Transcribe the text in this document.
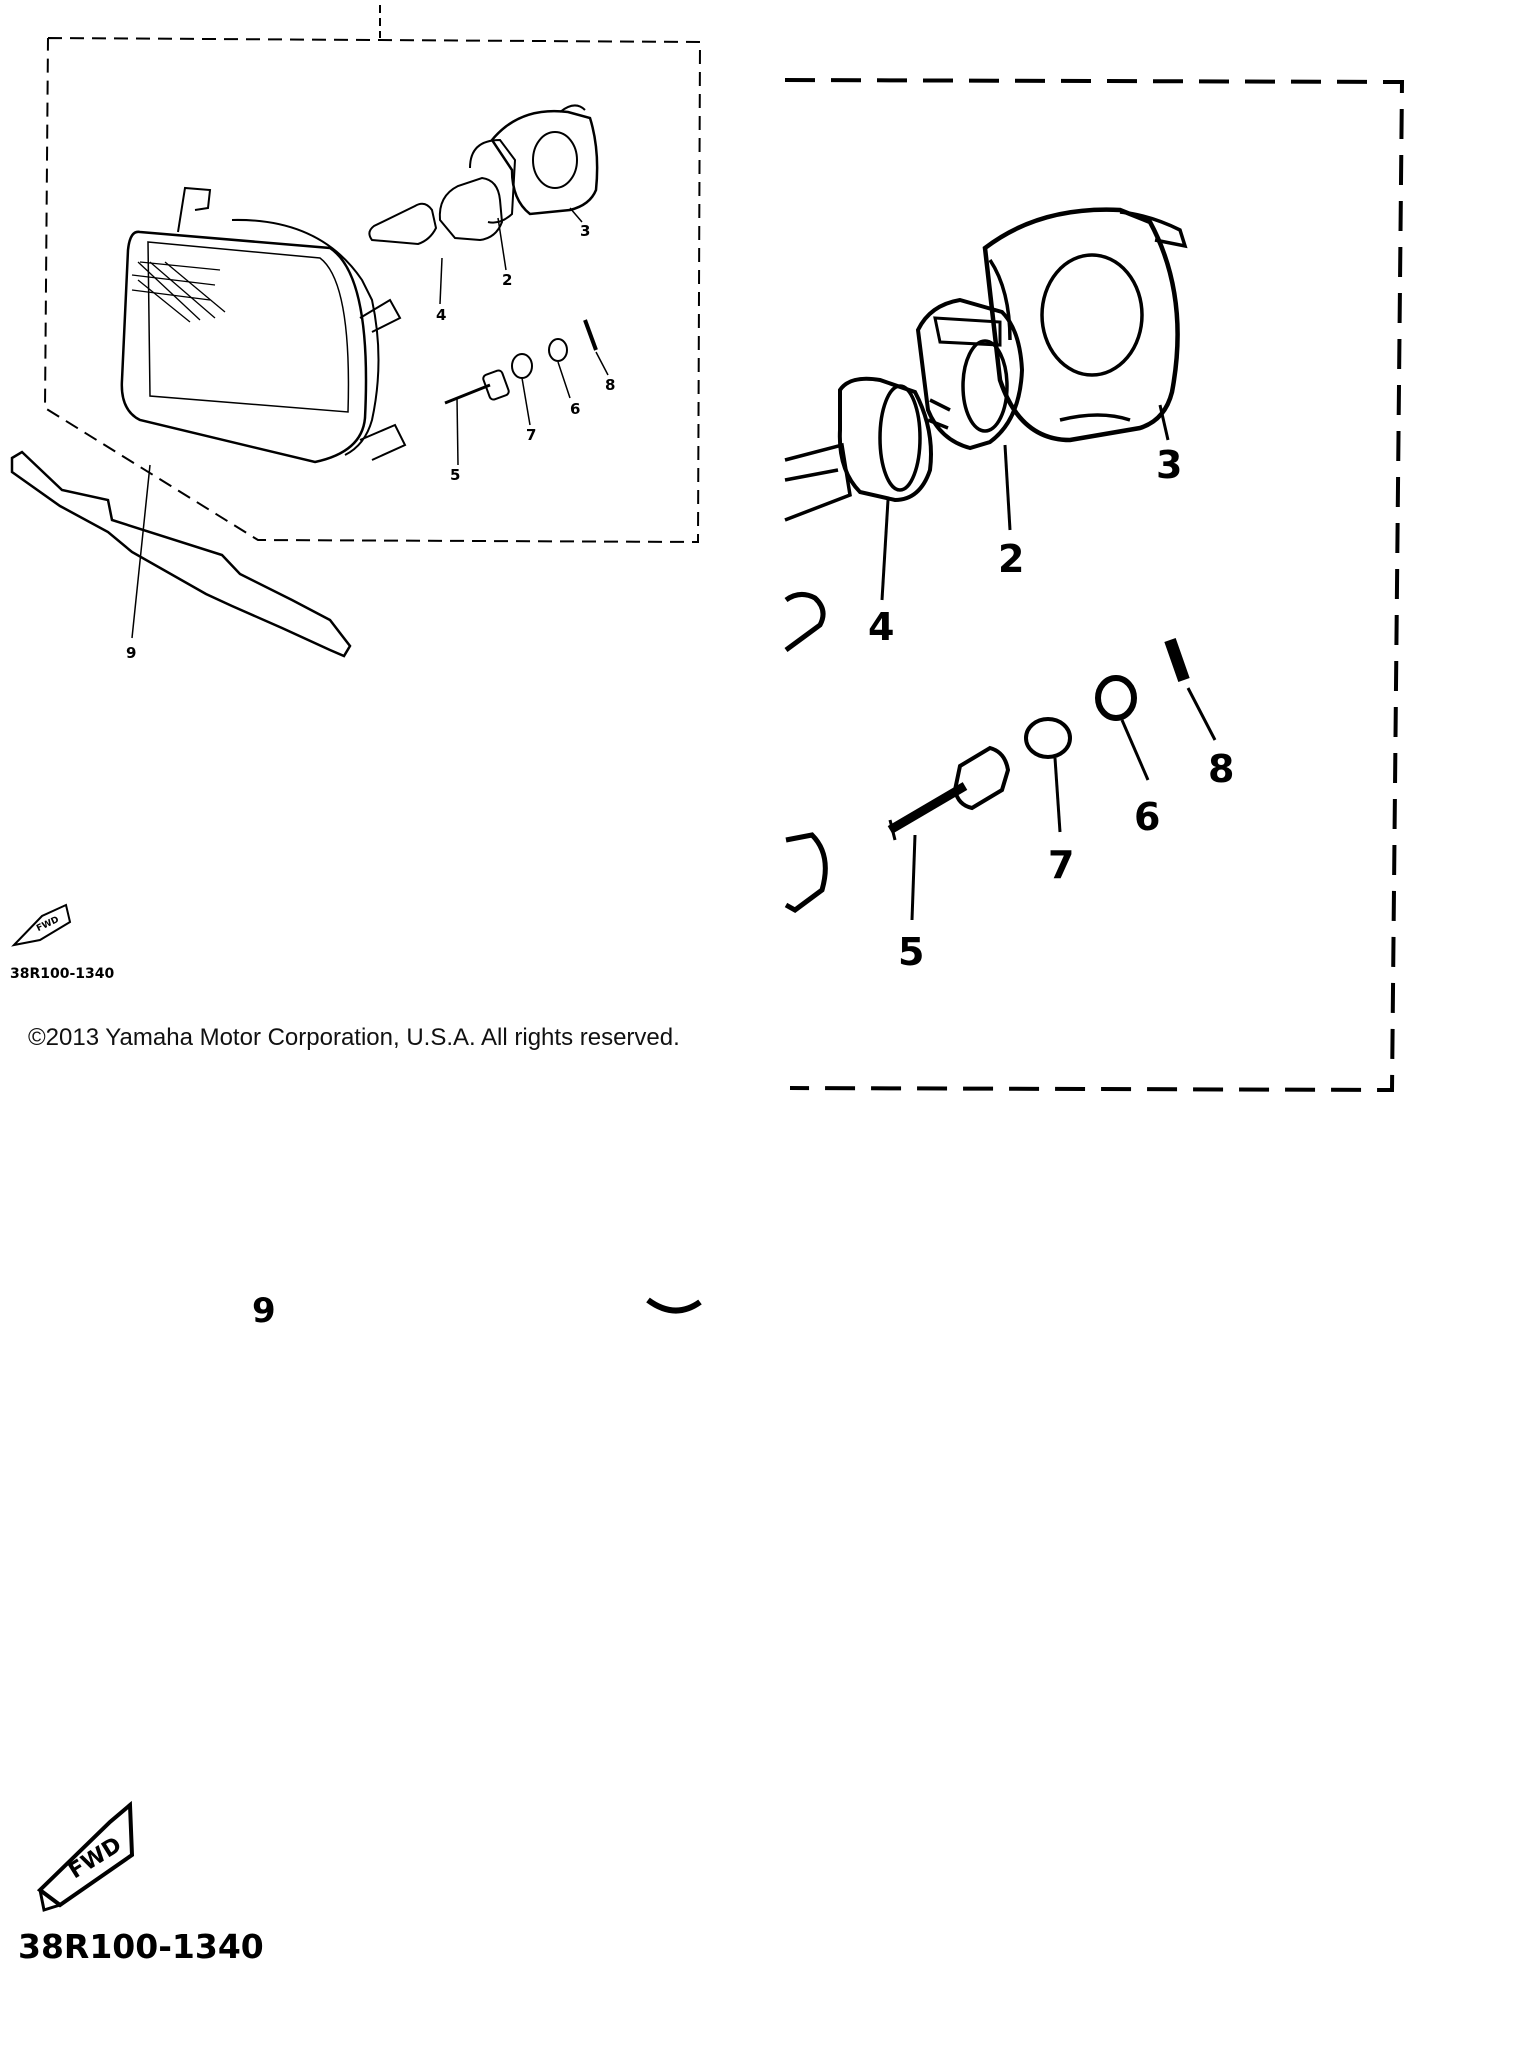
2
3
4
5
6
7
8
9
FWD
38R100-1340
2
3
4
5
6
7
8
9
FWD
38R100-1340
©2013 Yamaha Motor Corporation, U.S.A. All rights reserved.
